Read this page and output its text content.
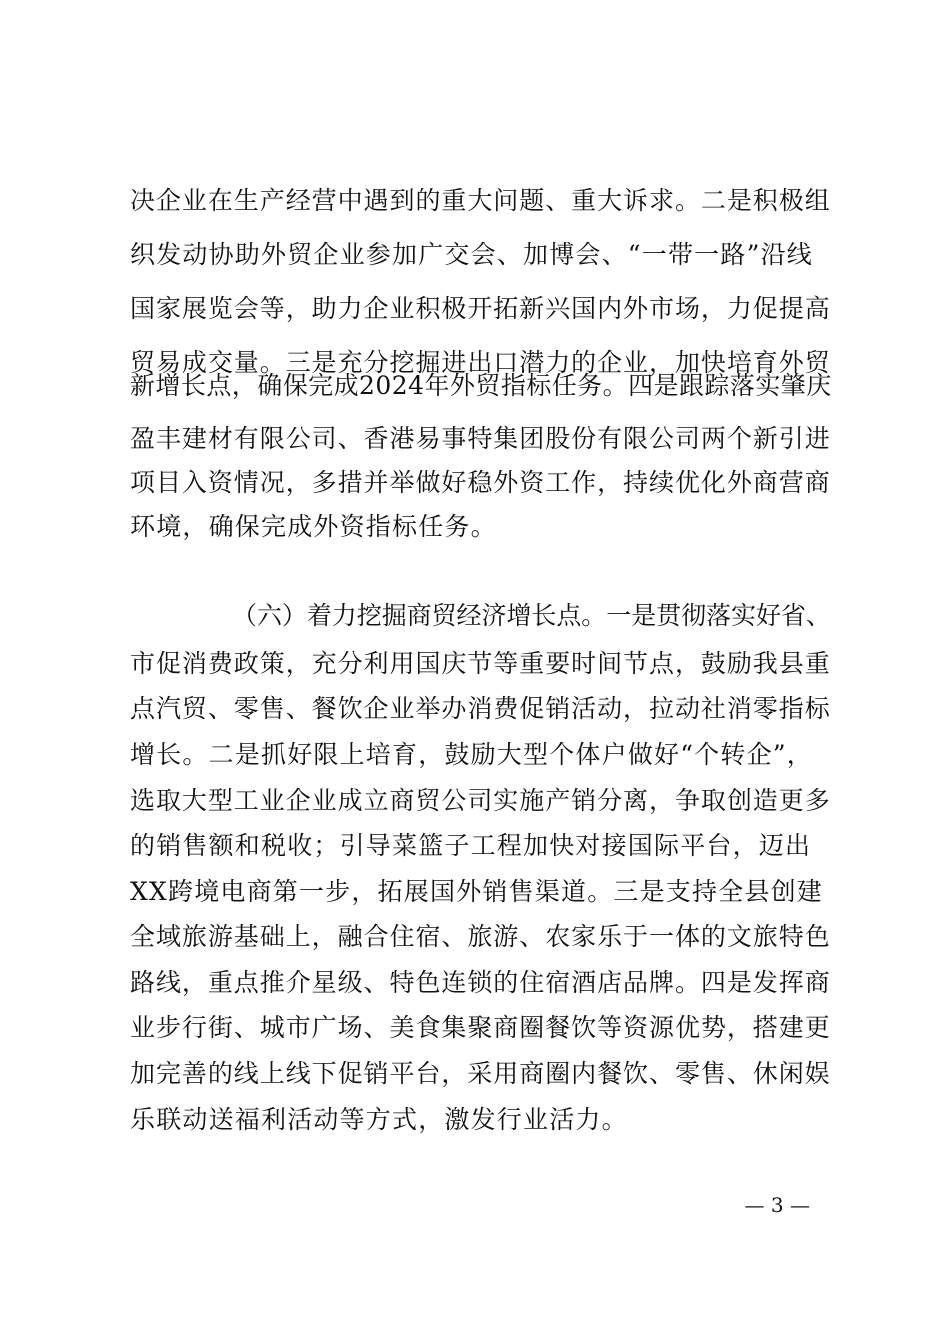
决企业在生产经营中遇到的重大问题、重大诉求。二是积极组
织发动协助外贸企业参加广交会、加博会、“一带一路”沿线
国家展览会等，助力企业积极开拓新兴国内外市场，力促提高
贸易成交量。三是充分挖掘进出口潜力的企业，加快培育外贸
新增长点，确保完成2024年外贸指标任务。四是跟踪落实肇庆
盈丰建材有限公司、香港易事特集团股份有限公司两个新引进
项目入资情况，多措并举做好稳外资工作，持续优化外商营商
环境，确保完成外资指标任务。
（六）着力挖掘商贸经济增长点。一是贯彻落实好省、
市促消费政策，充分利用国庆节等重要时间节点，鼓励我县重
点汽贸、零售、餐饮企业举办消费促销活动，拉动社消零指标
增长。二是抓好限上培育，鼓励大型个体户做好“个转企”，
选取大型工业企业成立商贸公司实施产销分离，争取创造更多
的销售额和税收；引导菜篮子工程加快对接国际平台，迈出
XX跨境电商第一步，拓展国外销售渠道。三是支持全县创建
全域旅游基础上，融合住宿、旅游、农家乐于一体的文旅特色
路线，重点推介星级、特色连锁的住宿酒店品牌。四是发挥商
业步行街、城市广场、美食集聚商圈餐饮等资源优势，搭建更
加完善的线上线下促销平台，采用商圈内餐饮、零售、休闲娱
乐联动送福利活动等方式，激发行业活力。
— 3 —
